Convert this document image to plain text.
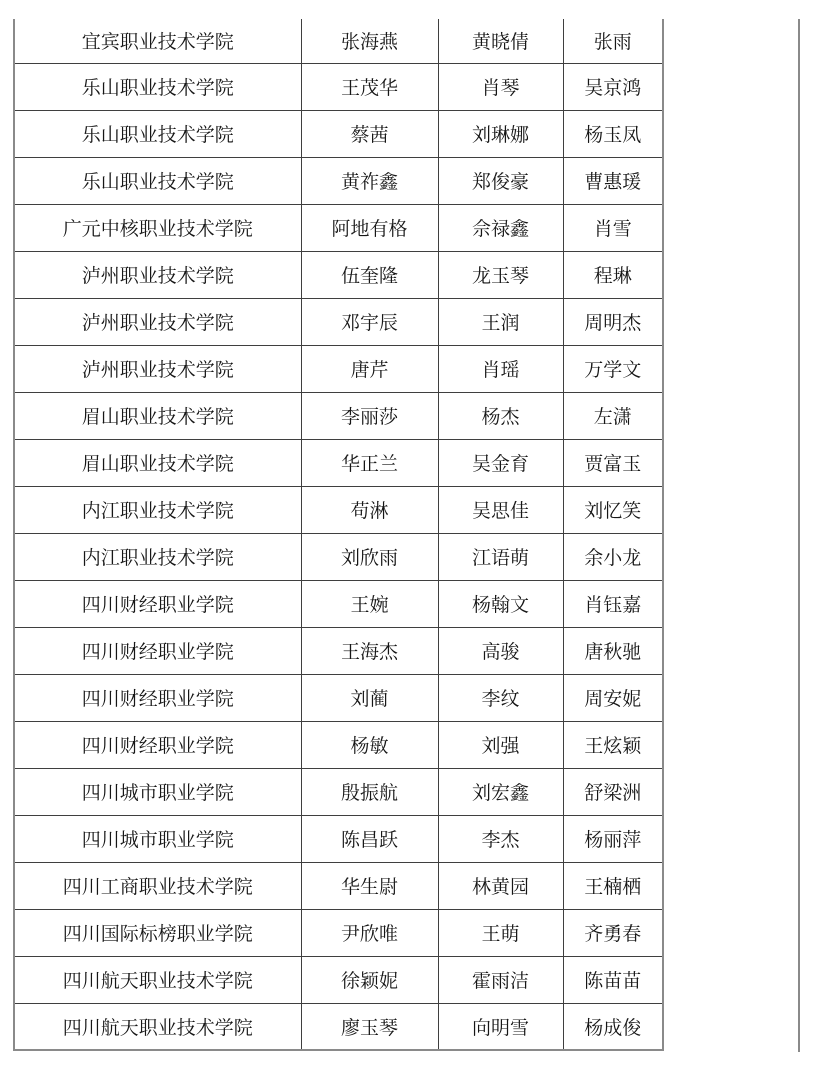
宜宾职业技术学院	张海燕	黄晓倩	张雨
乐山职业技术学院	王茂华	肖琴	吴京鸿
乐山职业技术学院	蔡茜	刘琳娜	杨玉凤
乐山职业技术学院	黄祚鑫	郑俊豪	曹惠瑗
广元中核职业技术学院	阿地有格	佘禄鑫	肖雪
泸州职业技术学院	伍奎隆	龙玉琴	程琳
泸州职业技术学院	邓宇辰	王润	周明杰
泸州职业技术学院	唐芹	肖瑶	万学文
眉山职业技术学院	李丽莎	杨杰	左潇
眉山职业技术学院	华正兰	吴金育	贾富玉
内江职业技术学院	苟淋	吴思佳	刘忆笑
内江职业技术学院	刘欣雨	江语萌	余小龙
四川财经职业学院	王婉	杨翰文	肖钰嘉
四川财经职业学院	王海杰	高骏	唐秋驰
四川财经职业学院	刘蔺	李纹	周安妮
四川财经职业学院	杨敏	刘强	王炫颖
四川城市职业学院	殷振航	刘宏鑫	舒梁洲
四川城市职业学院	陈昌跃	李杰	杨丽萍
四川工商职业技术学院	华生尉	林黄园	王楠栖
四川国际标榜职业学院	尹欣唯	王萌	齐勇春
四川航天职业技术学院	徐颖妮	霍雨洁	陈苗苗
四川航天职业技术学院	廖玉琴	向明雪	杨成俊
